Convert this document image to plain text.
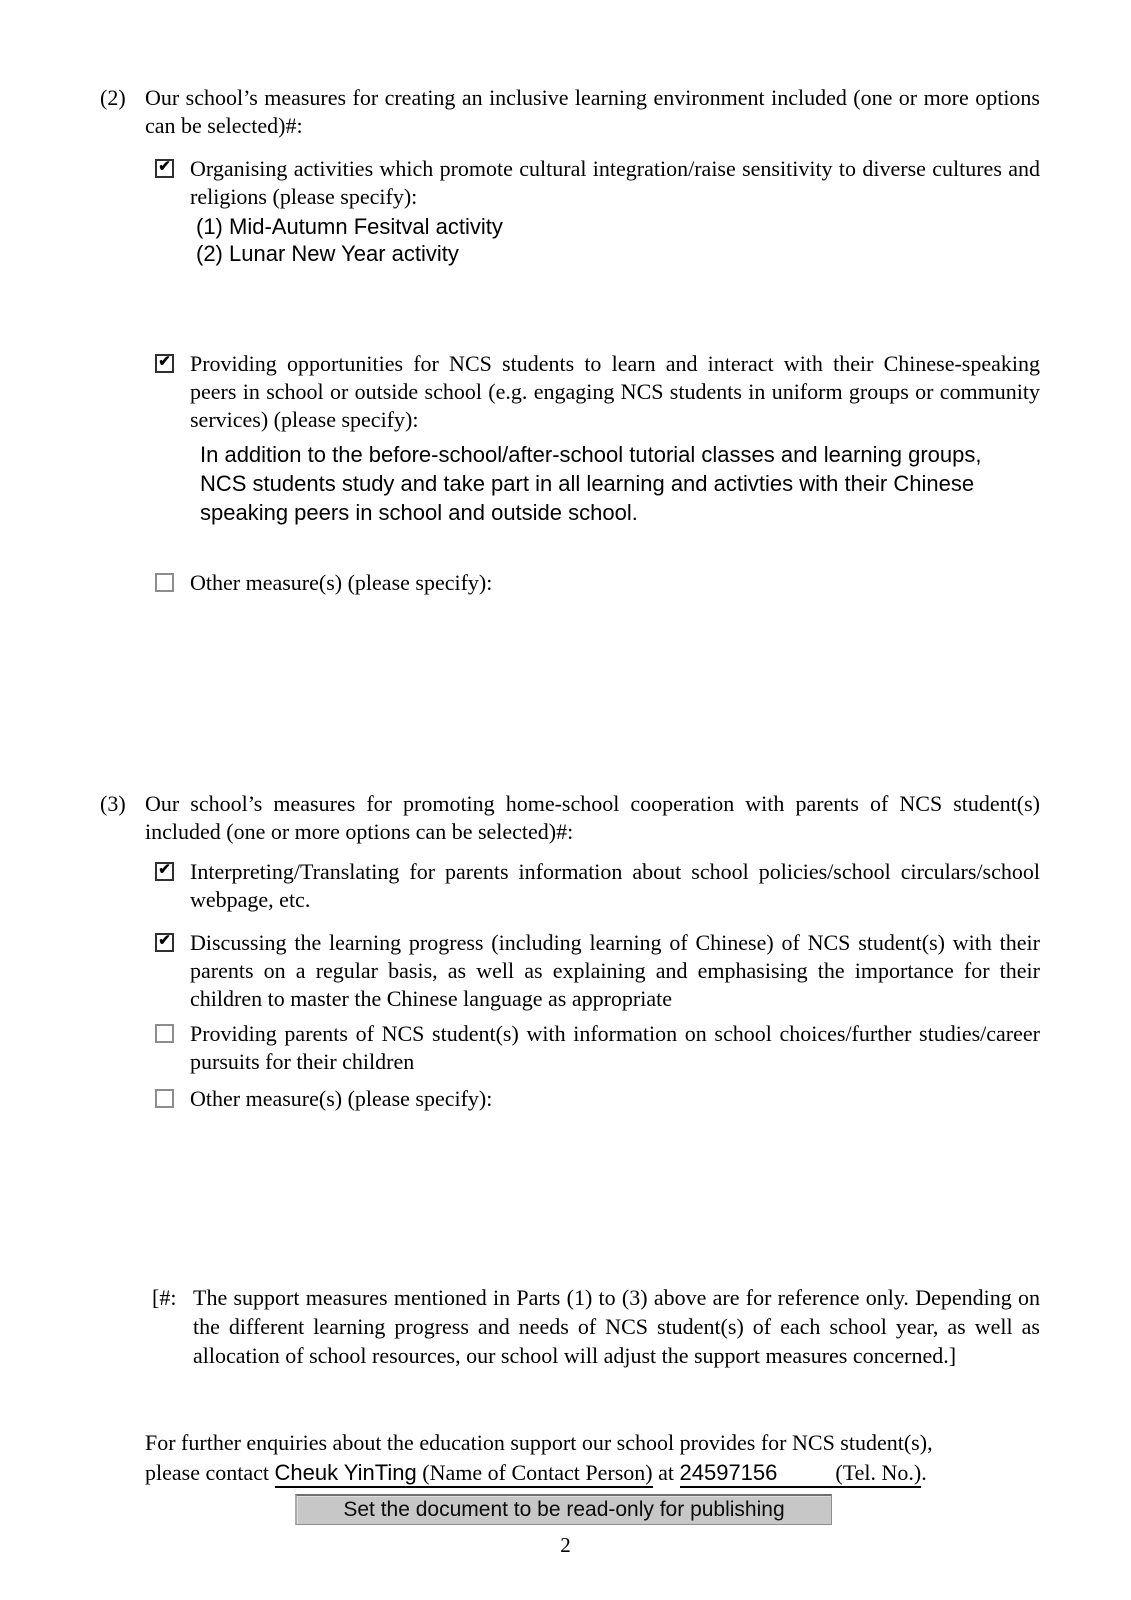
(2) Our school’s measures for creating an inclusive learning environment included (one or more options can be selected)#:
✔ Organising activities which promote cultural integration/raise sensitivity to diverse cultures and religions (please specify):
(1) Mid-Autumn Fesitval activity
(2) Lunar New Year activity
✔ Providing opportunities for NCS students to learn and interact with their Chinese-speaking peers in school or outside school (e.g. engaging NCS students in uniform groups or community services) (please specify):
In addition to the before-school/after-school tutorial classes and learning groups,
NCS students study and take part in all learning and activties with their Chinese
speaking peers in school and outside school.
Other measure(s) (please specify):
(3) Our school’s measures for promoting home-school cooperation with parents of NCS student(s) included (one or more options can be selected)#:
✔ Interpreting/Translating for parents information about school policies/school circulars/school webpage, etc.
✔ Discussing the learning progress (including learning of Chinese) of NCS student(s) with their parents on a regular basis, as well as explaining and emphasising the importance for their children to master the Chinese language as appropriate
Providing parents of NCS student(s) with information on school choices/further studies/career pursuits for their children
Other measure(s) (please specify):
[#: The support measures mentioned in Parts (1) to (3) above are for reference only. Depending on the different learning progress and needs of NCS student(s) of each school year, as well as allocation of school resources, our school will adjust the support measures concerned.]
For further enquiries about the education support our school provides for NCS student(s),
please contact Cheuk YinTing (Name of Contact Person) at 24597156	(Tel. No.).
Set the document to be read-only for publishing
2
